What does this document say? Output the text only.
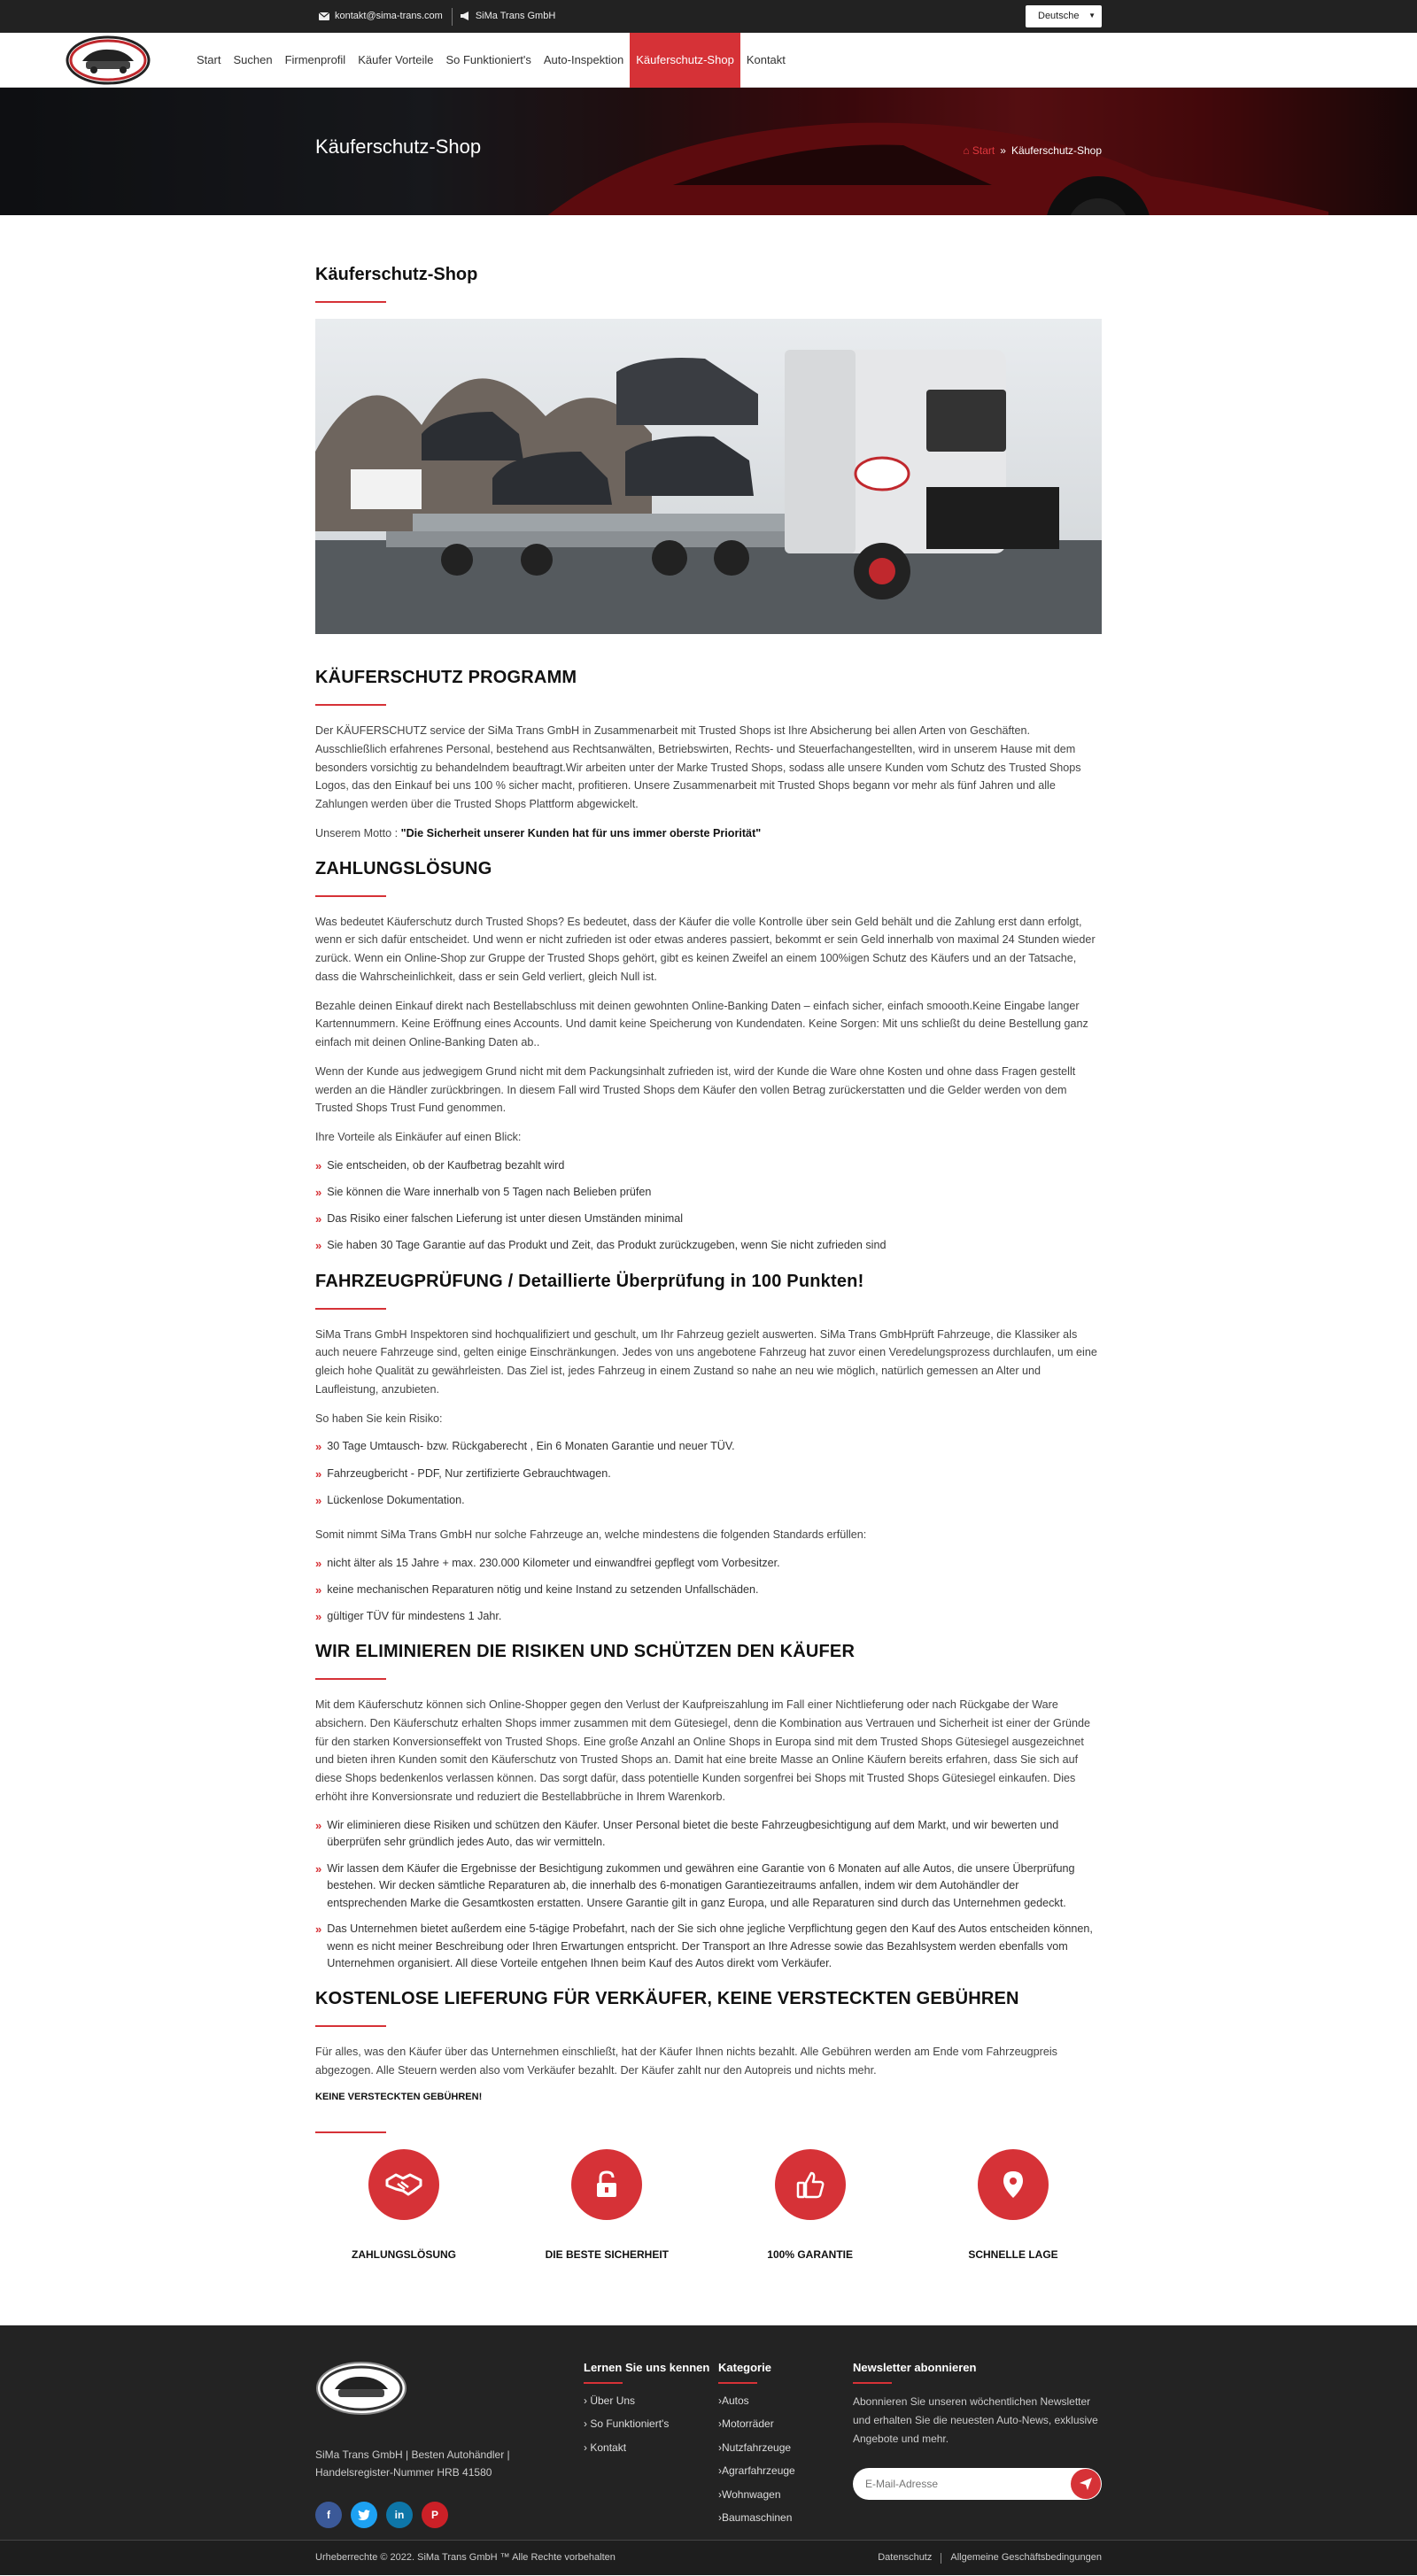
kontakt@sima-trans.com	SiMa Trans GmbH	Deutsche ▼
Start	Suchen	Firmenprofil	Käufer Vorteile	So Funktioniert's	Auto-Inspektion	Käuferschutz-Shop	Kontakt
Käuferschutz-Shop	⌂ Start » Käuferschutz-Shop
Käuferschutz-Shop
KÄUFERSCHUTZ PROGRAMM

Der KÄUFERSCHUTZ service der SiMa Trans GmbH in Zusammenarbeit mit Trusted Shops ist Ihre Absicherung bei allen Arten von Geschäften. Ausschließlich erfahrenes Personal, bestehend aus Rechtsanwälten, Betriebswirten, Rechts- und Steuerfachangestellten, wird in unserem Hause mit dem besonders vorsichtig zu behandelndem beauftragt.Wir arbeiten unter der Marke Trusted Shops, sodass alle unsere Kunden vom Schutz des Trusted Shops Logos, das den Einkauf bei uns 100 % sicher macht, profitieren. Unsere Zusammenarbeit mit Trusted Shops begann vor mehr als fünf Jahren und alle Zahlungen werden über die Trusted Shops Plattform abgewickelt.

Unserem Motto : "Die Sicherheit unserer Kunden hat für uns immer oberste Priorität"

ZAHLUNGSLÖSUNG

Was bedeutet Käuferschutz durch Trusted Shops? Es bedeutet, dass der Käufer die volle Kontrolle über sein Geld behält und die Zahlung erst dann erfolgt, wenn er sich dafür entscheidet. Und wenn er nicht zufrieden ist oder etwas anderes passiert, bekommt er sein Geld innerhalb von maximal 24 Stunden wieder zurück. Wenn ein Online-Shop zur Gruppe der Trusted Shops gehört, gibt es keinen Zweifel an einem 100%igen Schutz des Käufers und an der Tatsache, dass die Wahrscheinlichkeit, dass er sein Geld verliert, gleich Null ist.

Bezahle deinen Einkauf direkt nach Bestellabschluss mit deinen gewohnten Online-Banking Daten – einfach sicher, einfach smoooth.Keine Eingabe langer Kartennummern. Keine Eröffnung eines Accounts. Und damit keine Speicherung von Kundendaten. Keine Sorgen: Mit uns schließt du deine Bestellung ganz einfach mit deinen Online-Banking Daten ab..

Wenn der Kunde aus jedwegigem Grund nicht mit dem Packungsinhalt zufrieden ist, wird der Kunde die Ware ohne Kosten und ohne dass Fragen gestellt werden an die Händler zurückbringen. In diesem Fall wird Trusted Shops dem Käufer den vollen Betrag zurückerstatten und die Gelder werden von dem Trusted Shops Trust Fund genommen.

Ihre Vorteile als Einkäufer auf einen Blick:

» Sie entscheiden, ob der Kaufbetrag bezahlt wird
» Sie können die Ware innerhalb von 5 Tagen nach Belieben prüfen
» Das Risiko einer falschen Lieferung ist unter diesen Umständen minimal
» Sie haben 30 Tage Garantie auf das Produkt und Zeit, das Produkt zurückzugeben, wenn Sie nicht zufrieden sind
FAHRZEUGPRÜFUNG / Detaillierte Überprüfung in 100 Punkten!

SiMa Trans GmbH Inspektoren sind hochqualifiziert und geschult, um Ihr Fahrzeug gezielt auswerten. SiMa Trans GmbHprüft Fahrzeuge, die Klassiker als auch neuere Fahrzeuge sind, gelten einige Einschränkungen. Jedes von uns angebotene Fahrzeug hat zuvor einen Veredelungsprozess durchlaufen, um eine gleich hohe Qualität zu gewährleisten. Das Ziel ist, jedes Fahrzeug in einem Zustand so nahe an neu wie möglich, natürlich gemessen an Alter und Laufleistung, anzubieten.

So haben Sie kein Risiko:

» 30 Tage Umtausch- bzw. Rückgaberecht , Ein 6 Monaten Garantie und neuer TÜV.
» Fahrzeugbericht - PDF, Nur zertifizierte Gebrauchtwagen.
» Lückenlose Dokumentation.

Somit nimmt SiMa Trans GmbH nur solche Fahrzeuge an, welche mindestens die folgenden Standards erfüllen:

» nicht älter als 15 Jahre + max. 230.000 Kilometer und einwandfrei gepflegt vom Vorbesitzer.
» keine mechanischen Reparaturen nötig und keine Instand zu setzenden Unfallschäden.
» gültiger TÜV für mindestens 1 Jahr.
WIR ELIMINIEREN DIE RISIKEN UND SCHÜTZEN DEN KÄUFER

Mit dem Käuferschutz können sich Online-Shopper gegen den Verlust der Kaufpreiszahlung im Fall einer Nichtlieferung oder nach Rückgabe der Ware absichern. Den Käuferschutz erhalten Shops immer zusammen mit dem Gütesiegel, denn die Kombination aus Vertrauen und Sicherheit ist einer der Gründe für den starken Konversionseffekt von Trusted Shops. Eine große Anzahl an Online Shops in Europa sind mit dem Trusted Shops Gütesiegel ausgezeichnet und bieten ihren Kunden somit den Käuferschutz von Trusted Shops an. Damit hat eine breite Masse an Online Käufern bereits erfahren, dass Sie sich auf diese Shops bedenkenlos verlassen können. Das sorgt dafür, dass potentielle Kunden sorgenfrei bei Shops mit Trusted Shops Gütesiegel einkaufen. Dies erhöht ihre Konversionsrate und reduziert die Bestellabbrüche in Ihrem Warenkorb.

» Wir eliminieren diese Risiken und schützen den Käufer. Unser Personal bietet die beste Fahrzeugbesichtigung auf dem Markt, und wir bewerten und überprüfen sehr gründlich jedes Auto, das wir vermitteln.
» Wir lassen dem Käufer die Ergebnisse der Besichtigung zukommen und gewähren eine Garantie von 6 Monaten auf alle Autos, die unsere Überprüfung bestehen. Wir decken sämtliche Reparaturen ab, die innerhalb des 6-monatigen Garantiezeitraums anfallen, indem wir dem Autohändler der entsprechenden Marke die Gesamtkosten erstatten. Unsere Garantie gilt in ganz Europa, und alle Reparaturen sind durch das Unternehmen gedeckt.
» Das Unternehmen bietet außerdem eine 5-tägige Probefahrt, nach der Sie sich ohne jegliche Verpflichtung gegen den Kauf des Autos entscheiden können, wenn es nicht meiner Beschreibung oder Ihren Erwartungen entspricht. Der Transport an Ihre Adresse sowie das Bezahlsystem werden ebenfalls vom Unternehmen organisiert. All diese Vorteile entgehen Ihnen beim Kauf des Autos direkt vom Verkäufer.
KOSTENLOSE LIEFERUNG FÜR VERKÄUFER, KEINE VERSTECKTEN GEBÜHREN

Für alles, was den Käufer über das Unternehmen einschließt, hat der Käufer Ihnen nichts bezahlt. Alle Gebühren werden am Ende vom Fahrzeugpreis abgezogen. Alle Steuern werden also vom Verkäufer bezahlt. Der Käufer zahlt nur den Autopreis und nichts mehr.

KEINE VERSTECKTEN GEBÜHREN!
ZAHLUNGSLÖSUNG	DIE BESTE SICHERHEIT	100% GARANTIE	SCHNELLE LAGE
SiMa Trans GmbH | Besten Autohändler | Handelsregister-Nummer HRB 41580
f	in	P
Lernen Sie uns kennen
› Über Uns
› So Funktioniert's
› Kontakt
Kategorie
›Autos
›Motorräder
›Nutzfahrzeuge
›Agrarfahrzeuge
›Wohnwagen
›Baumaschinen
Newsletter abonnieren
Abonnieren Sie unseren wöchentlichen Newsletter und erhalten Sie die neuesten Auto-News, exklusive Angebote und mehr.
E-Mail-Adresse
Urheberrechte © 2022. SiMa Trans GmbH ™ Alle Rechte vorbehalten	Datenschutz Allgemeine Geschäftsbedingungen
